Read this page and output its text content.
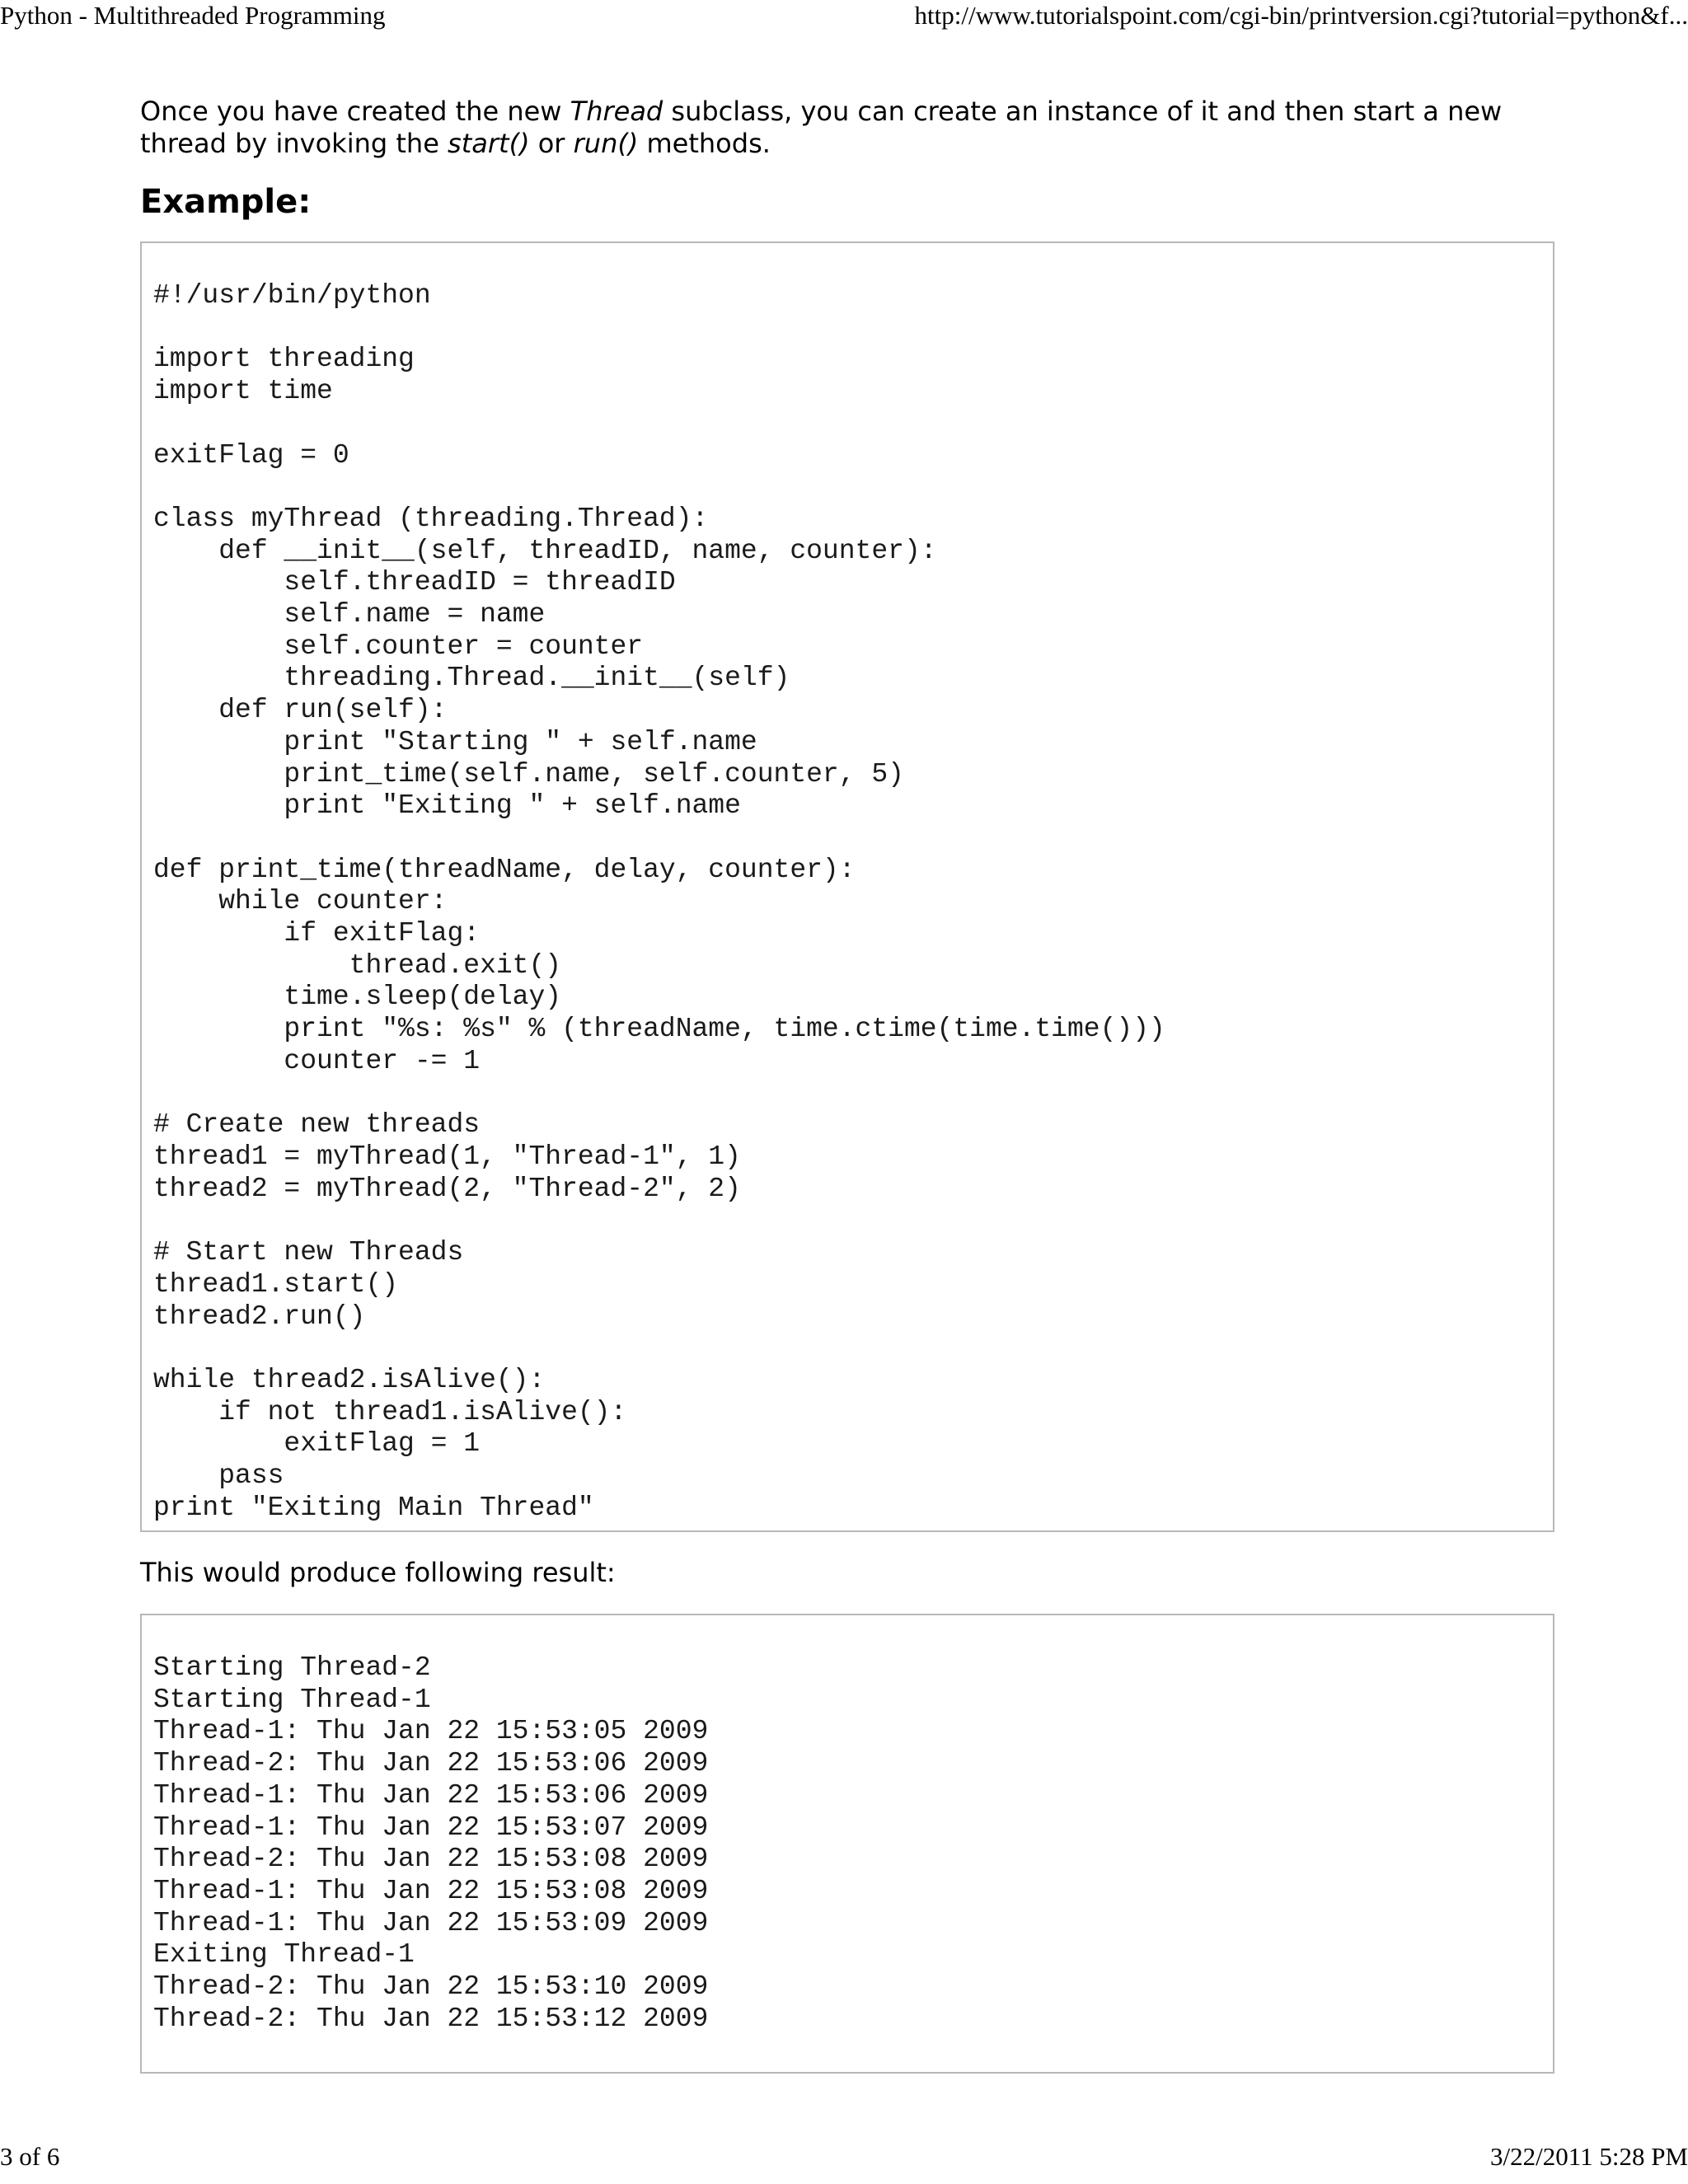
Python - Multithreaded Programming	http://www.tutorialspoint.com/cgi-bin/printversion.cgi?tutorial=python&f...

Once you have created the new Thread subclass, you can create an instance of it and then start a new thread by invoking the start() or run() methods.

Example:
#!/usr/bin/python
import threading
import time
exitFlag = 0
class myThread (threading.Thread):
def __init__(self, threadID, name, counter):
self.threadID = threadID
self.name = name
self.counter = counter
threading.Thread.__init__(self)
def run(self):
print "Starting " + self.name
print_time(self.name, self.counter, 5)
print "Exiting " + self.name
def print_time(threadName, delay, counter):
while counter:
if exitFlag:
thread.exit()
time.sleep(delay)
print "%s: %s" % (threadName, time.ctime(time.time()))
counter -= 1
# Create new threads
thread1 = myThread(1, "Thread-1", 1)
thread2 = myThread(2, "Thread-2", 2)
# Start new Threads
thread1.start()
thread2.run()
while thread2.isAlive():
if not thread1.isAlive():
exitFlag = 1
pass
print "Exiting Main Thread"

This would produce following result:

Starting Thread-2
Starting Thread-1
Thread-1: Thu Jan 22 15:53:05 2009
Thread-2: Thu Jan 22 15:53:06 2009
Thread-1: Thu Jan 22 15:53:06 2009
Thread-1: Thu Jan 22 15:53:07 2009
Thread-2: Thu Jan 22 15:53:08 2009
Thread-1: Thu Jan 22 15:53:08 2009
Thread-1: Thu Jan 22 15:53:09 2009
Exiting Thread-1
Thread-2: Thu Jan 22 15:53:10 2009
Thread-2: Thu Jan 22 15:53:12 2009
3 of 6	3/22/2011 5:28 PM
